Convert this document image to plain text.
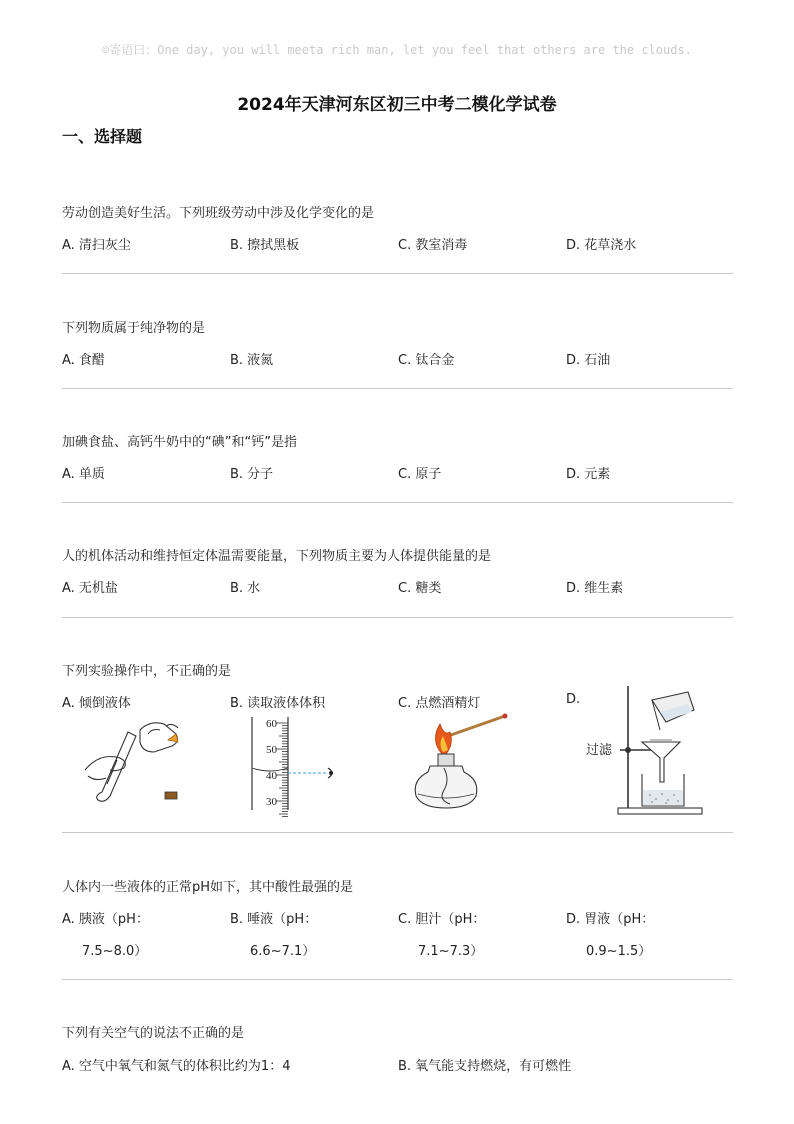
☺寄语曰：One day, you will meeta rich man, let you feel that others are the clouds.
2024年天津河东区初三中考二模化学试卷
一、选择题
劳动创造美好生活。下列班级劳动中涉及化学变化的是
A. 清扫灰尘	B. 擦拭黑板	C. 教室消毒	D. 花草浇水
下列物质属于纯净物的是
A. 食醋	B. 液氮	C. 钛合金	D. 石油
加碘食盐、高钙牛奶中的“碘”和“钙”是指
A. 单质	B. 分子	C. 原子	D. 元素
人的机体活动和维持恒定体温需要能量，下列物质主要为人体提供能量的是
A. 无机盐	B. 水	C. 糖类	D. 维生素
下列实验操作中，不正确的是
A. 倾倒液体	B. 读取液体体积	C. 点燃酒精灯	D.
60
50
40
30
过滤
人体内一些液体的正常pH如下，其中酸性最强的是
A. 胰液（pH：	B. 唾液（pH：	C. 胆汁（pH：	D. 胃液（pH：
7.5~8.0）	6.6~7.1）	7.1~7.3）	0.9~1.5）
下列有关空气的说法不正确的是
A. 空气中氧气和氮气的体积比约为1：4	B. 氧气能支持燃烧，有可燃性
